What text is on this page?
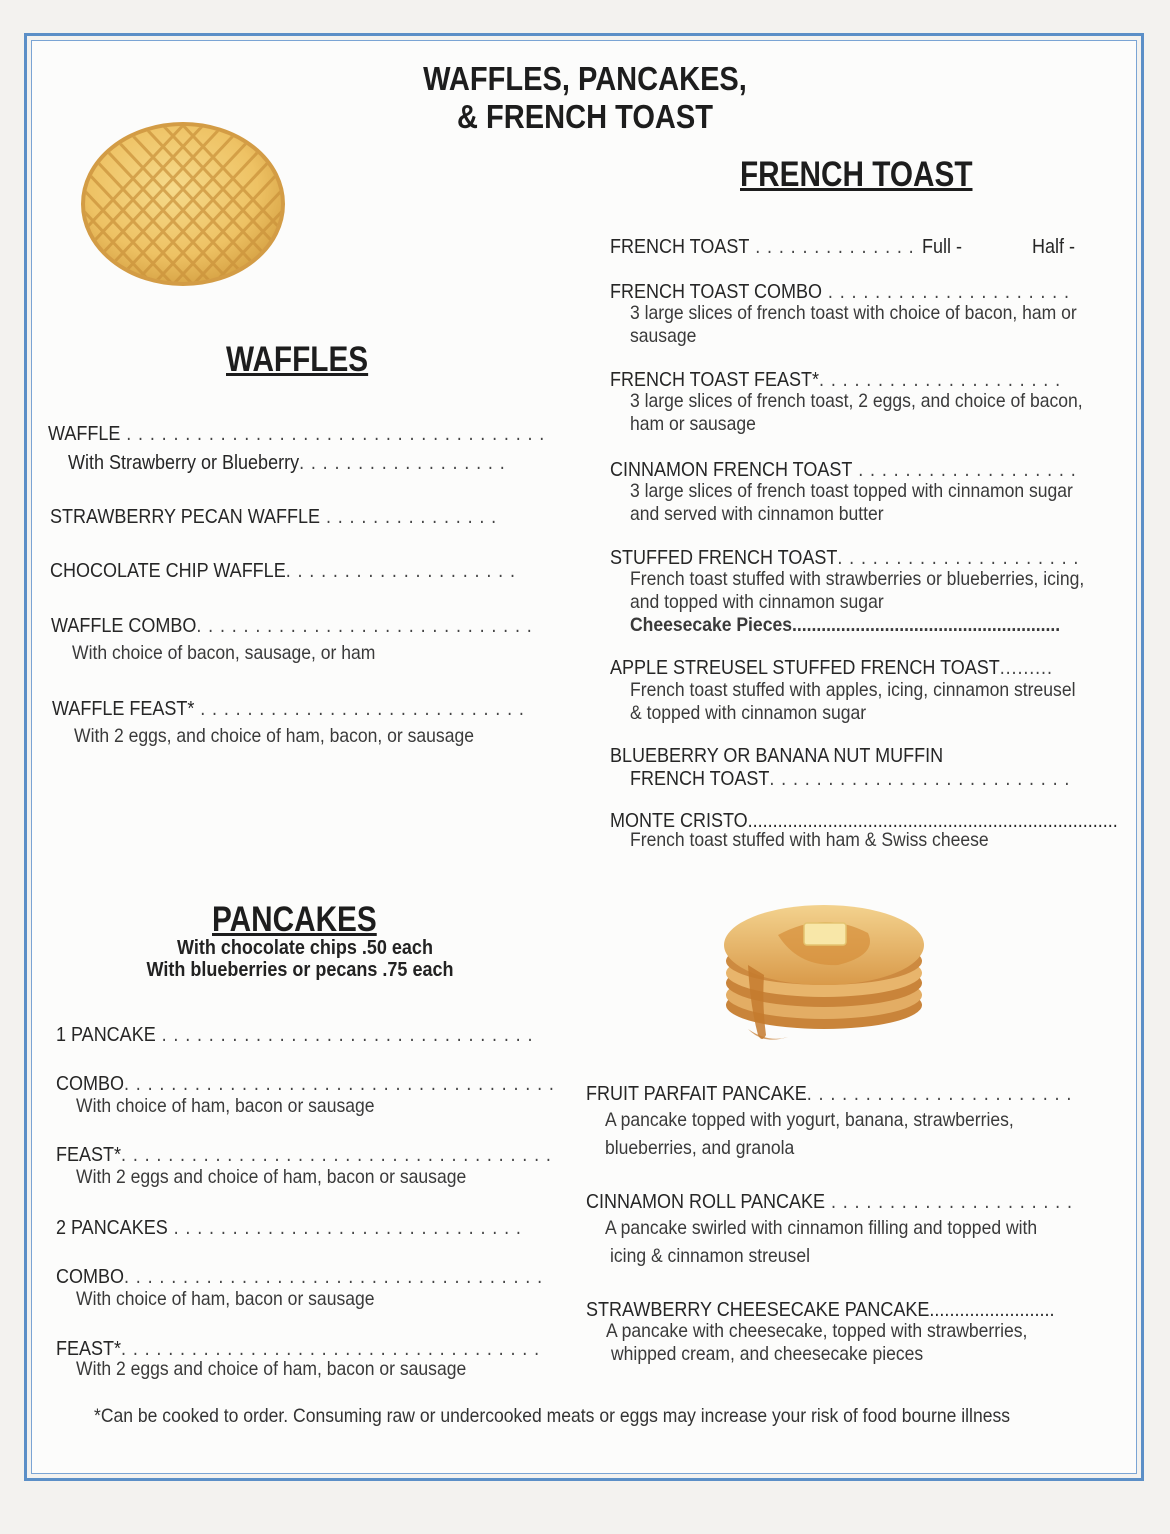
WAFFLES, PANCAKES,
& FRENCH TOAST
WAFFLES
WAFFLE . . . . . . . . . . . . . . . . . . . . . . . . . . . . . . . . . . . .
With Strawberry or Blueberry. . . . . . . . . . . . . . . . . .
STRAWBERRY PECAN WAFFLE . . . . . . . . . . . . . . .
CHOCOLATE CHIP WAFFLE. . . . . . . . . . . . . . . . . . . .
WAFFLE COMBO. . . . . . . . . . . . . . . . . . . . . . . . . . . . .
With choice of bacon, sausage, or ham
WAFFLE FEAST* . . . . . . . . . . . . . . . . . . . . . . . . . . . .
With 2 eggs, and choice of ham, bacon, or sausage
PANCAKES
With chocolate chips .50 each
With blueberries or pecans .75 each
1 PANCAKE . . . . . . . . . . . . . . . . . . . . . . . . . . . . . . . .
COMBO. . . . . . . . . . . . . . . . . . . . . . . . . . . . . . . . . . . . .
With choice of ham, bacon or sausage
FEAST*. . . . . . . . . . . . . . . . . . . . . . . . . . . . . . . . . . . . .
With 2 eggs and choice of ham, bacon or sausage
2 PANCAKES . . . . . . . . . . . . . . . . . . . . . . . . . . . . . .
COMBO. . . . . . . . . . . . . . . . . . . . . . . . . . . . . . . . . . . .
With choice of ham, bacon or sausage
FEAST*. . . . . . . . . . . . . . . . . . . . . . . . . . . . . . . . . . . .
With 2 eggs and choice of ham, bacon or sausage
FRENCH TOAST
FRENCH TOAST . . . . . . . . . . . . . . Full -	Half -
FRENCH TOAST COMBO . . . . . . . . . . . . . . . . . . . . .
3 large slices of french toast with choice of bacon, ham or
sausage
FRENCH TOAST FEAST*. . . . . . . . . . . . . . . . . . . . .
3 large slices of french toast, 2 eggs, and choice of bacon,
ham or sausage
CINNAMON FRENCH TOAST . . . . . . . . . . . . . . . . . . .
3 large slices of french toast topped with cinnamon sugar
and served with cinnamon butter
STUFFED FRENCH TOAST. . . . . . . . . . . . . . . . . . . . .
French toast stuffed with strawberries or blueberries, icing,
and topped with cinnamon sugar
Cheesecake Pieces.......................................................
APPLE STREUSEL STUFFED FRENCH TOAST.........
French toast stuffed with apples, icing, cinnamon streusel
& topped with cinnamon sugar
BLUEBERRY OR BANANA NUT MUFFIN
FRENCH TOAST. . . . . . . . . . . . . . . . . . . . . . . . . .
MONTE CRISTO..........................................................................
French toast stuffed with ham & Swiss cheese
FRUIT PARFAIT PANCAKE. . . . . . . . . . . . . . . . . . . . . . .
A pancake topped with yogurt, banana, strawberries,
blueberries, and granola
CINNAMON ROLL PANCAKE . . . . . . . . . . . . . . . . . . . . .
A pancake swirled with cinnamon filling and topped with
icing & cinnamon streusel
STRAWBERRY CHEESECAKE PANCAKE.........................
A pancake with cheesecake, topped with strawberries,
whipped cream, and cheesecake pieces
*Can be cooked to order. Consuming raw or undercooked meats or eggs may increase your risk of food bourne illness
